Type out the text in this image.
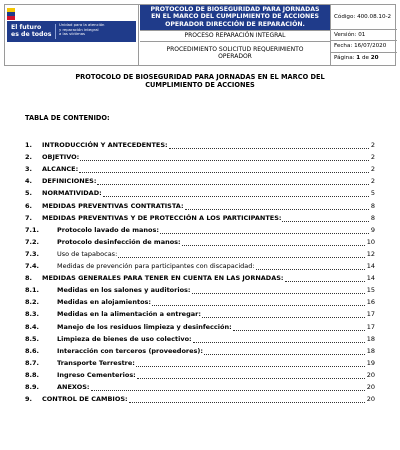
El futuro
es de todos
Unidad para la atención
y reparación integral
a las víctimas
PROTOCOLO DE BIOSEGURIDAD PARA JORNADAS
EN EL MARCO DEL CUMPLIMIENTO DE ACCIONES
OPERADOR DIRECCIÓN DE REPARACIÓN.
PROCESO REPARACIÓN INTEGRAL
PROCEDIMIENTO SOLICITUD REQUERIMIENTO
OPERADOR
Código: 400.08.10-2
Versión: 01
Fecha: 16/07/2020
Página: 1 de 20
PROTOCOLO DE BIOSEGURIDAD PARA JORNADAS EN EL MARCO DEL
CUMPLIMIENTO DE ACCIONES
TABLA DE CONTENIDO:
1. INTRODUCCIÓN Y ANTECEDENTES:	2
2. OBJETIVO:	2
3. ALCANCE:	2
4. DEFINICIONES:	2
5. NORMATIVIDAD:	5
6. MEDIDAS PREVENTIVAS CONTRATISTA:	8
7. MEDIDAS PREVENTIVAS Y DE PROTECCIÓN A LOS PARTICIPANTES:	8
7.1.	Protocolo lavado de manos:	9
7.2.	Protocolo desinfección de manos:	10
7.3.	Uso de tapabocas:	12
7.4.	Medidas de prevención para participantes con discapacidad:	14
8. MEDIDAS GENERALES PARA TENER EN CUENTA EN LAS JORNADAS:	14
8.1.	Medidas en los salones y auditorios:	15
8.2.	Medidas en alojamientos:	16
8.3.	Medidas en la alimentación a entregar:	17
8.4.	Manejo de los residuos limpieza y desinfección:	17
8.5.	Limpieza de bienes de uso colectivo:	18
8.6.	Interacción con terceros (proveedores):	18
8.7.	Transporte Terrestre:	19
8.8.	Ingreso Cementerios:	20
8.9.	ANEXOS:	20
9. CONTROL DE CAMBIOS:	20
